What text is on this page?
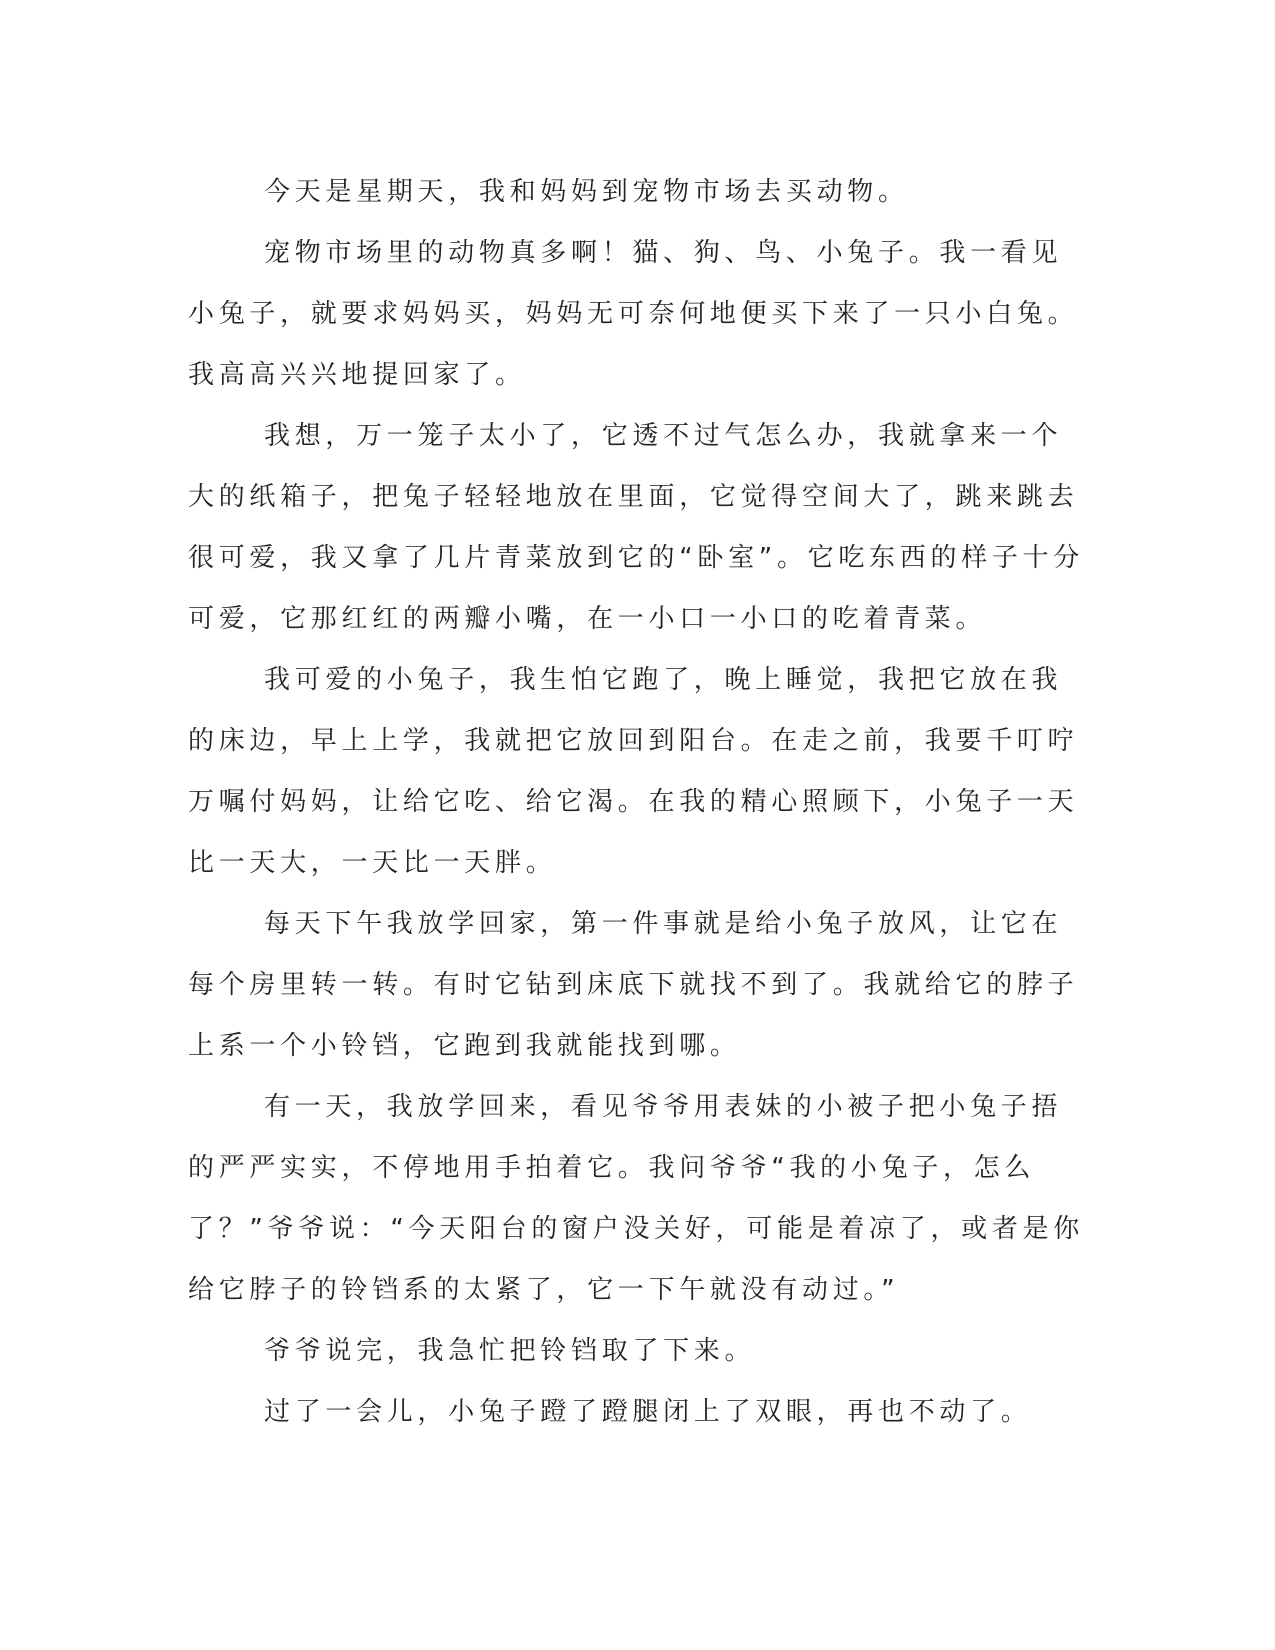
今天是星期天，我和妈妈到宠物市场去买动物。

宠物市场里的动物真多啊！猫、狗、鸟、小兔子。我一看见小兔子，就要求妈妈买，妈妈无可奈何地便买下来了一只小白兔。我高高兴兴地提回家了。

我想，万一笼子太小了，它透不过气怎么办，我就拿来一个大的纸箱子，把兔子轻轻地放在里面，它觉得空间大了，跳来跳去很可爱，我又拿了几片青菜放到它的“卧室”。它吃东西的样子十分可爱，它那红红的两瓣小嘴，在一小口一小口的吃着青菜。

我可爱的小兔子，我生怕它跑了，晚上睡觉，我把它放在我的床边，早上上学，我就把它放回到阳台。在走之前，我要千叮咛万嘱付妈妈，让给它吃、给它渴。在我的精心照顾下，小兔子一天比一天大，一天比一天胖。

每天下午我放学回家，第一件事就是给小兔子放风，让它在每个房里转一转。有时它钻到床底下就找不到了。我就给它的脖子上系一个小铃铛，它跑到我就能找到哪。

有一天，我放学回来，看见爷爷用表妹的小被子把小兔子捂的严严实实，不停地用手拍着它。我问爷爷“我的小兔子，怎么了？”爷爷说：“今天阳台的窗户没关好，可能是着凉了，或者是你给它脖子的铃铛系的太紧了，它一下午就没有动过。”

爷爷说完，我急忙把铃铛取了下来。

过了一会儿，小兔子蹬了蹬腿闭上了双眼，再也不动了。
